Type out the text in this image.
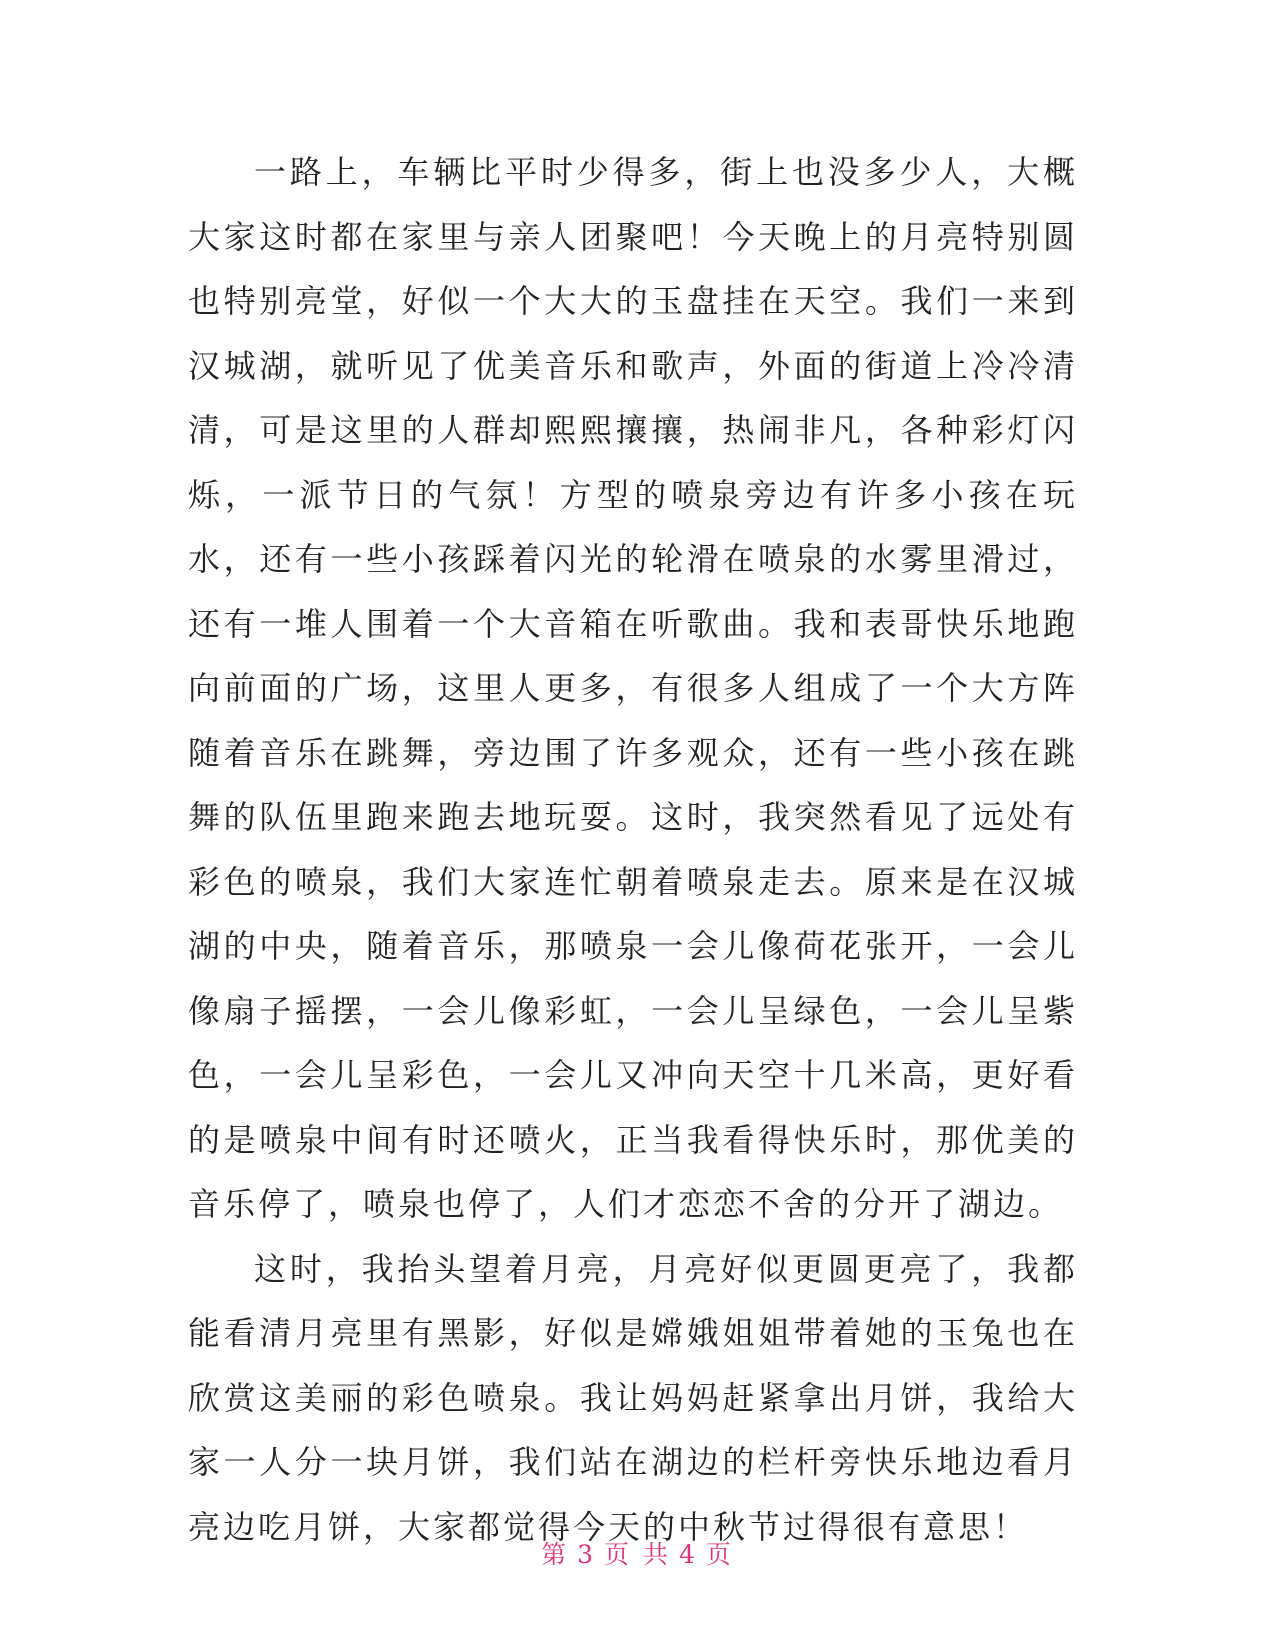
一路上，车辆比平时少得多，街上也没多少人，大概大家这时都在家里与亲人团聚吧！今天晚上的月亮特别圆也特别亮堂，好似一个大大的玉盘挂在天空。我们一来到汉城湖，就听见了优美音乐和歌声，外面的街道上冷冷清清，可是这里的人群却熙熙攘攘，热闹非凡，各种彩灯闪烁，一派节日的气氛！方型的喷泉旁边有许多小孩在玩水，还有一些小孩踩着闪光的轮滑在喷泉的水雾里滑过，还有一堆人围着一个大音箱在听歌曲。我和表哥快乐地跑向前面的广场，这里人更多，有很多人组成了一个大方阵随着音乐在跳舞，旁边围了许多观众，还有一些小孩在跳舞的队伍里跑来跑去地玩耍。这时，我突然看见了远处有彩色的喷泉，我们大家连忙朝着喷泉走去。原来是在汉城湖的中央，随着音乐，那喷泉一会儿像荷花张开，一会儿像扇子摇摆，一会儿像彩虹，一会儿呈绿色，一会儿呈紫色，一会儿呈彩色，一会儿又冲向天空十几米高，更好看的是喷泉中间有时还喷火，正当我看得快乐时，那优美的音乐停了，喷泉也停了，人们才恋恋不舍的分开了湖边。

这时，我抬头望着月亮，月亮好似更圆更亮了，我都能看清月亮里有黑影，好似是嫦娥姐姐带着她的玉兔也在欣赏这美丽的彩色喷泉。我让妈妈赶紧拿出月饼，我给大家一人分一块月饼，我们站在湖边的栏杆旁快乐地边看月亮边吃月饼，大家都觉得今天的中秋节过得很有意思！

第 3 页 共 4 页
